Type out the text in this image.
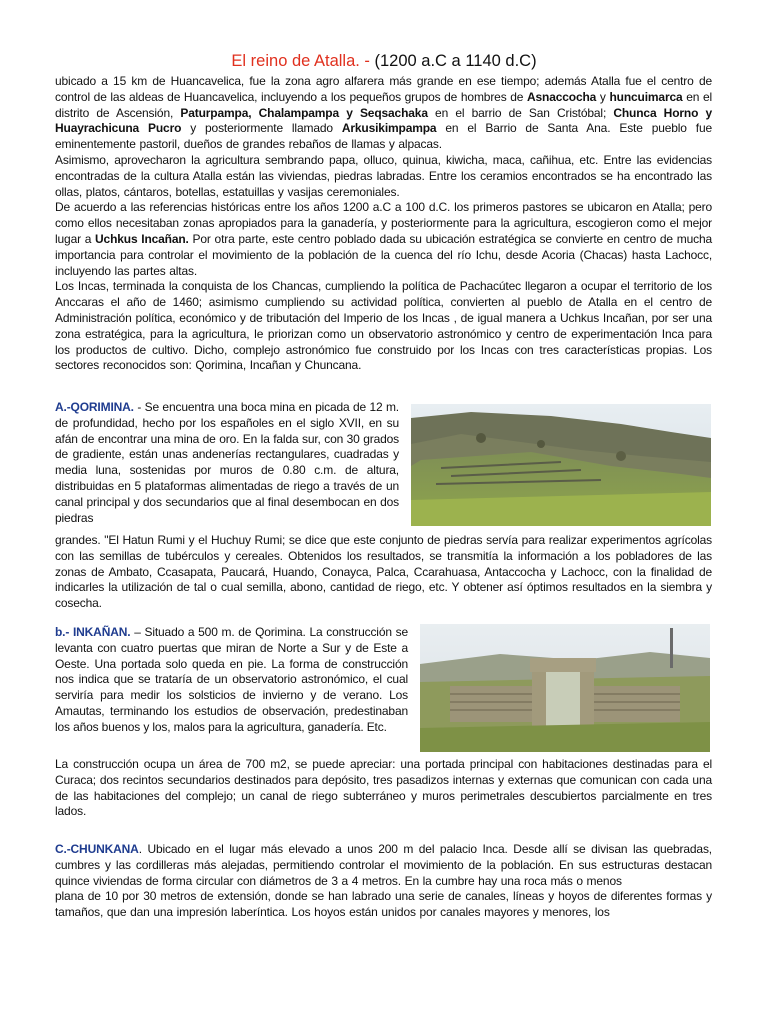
El reino de Atalla. - (1200 a.C a 1140 d.C)

ubicado a 15 km de Huancavelica, fue la zona agro alfarera más grande en ese tiempo; además Atalla fue el centro de control de las aldeas de Huancavelica, incluyendo a los pequeños grupos de hombres de Asnaccocha y huncuimarca en el distrito de Ascensión, Paturpampa, Chalampampa y Seqsachaka en el barrio de San Cristóbal; Chunca Horno y Huayrachicuna Pucro y posteriormente llamado Arkusikimpampa en el Barrio de Santa Ana. Este pueblo fue eminentemente pastoril, dueños de grandes rebaños de llamas y alpacas.

Asimismo, aprovecharon la agricultura sembrando papa, olluco, quinua, kiwicha, maca, cañihua, etc. Entre las evidencias encontradas de la cultura Atalla están las viviendas, piedras labradas. Entre los ceramios encontrados se ha encontrado las ollas, platos, cántaros, botellas, estatuillas y vasijas ceremoniales.

De acuerdo a las referencias históricas entre los años 1200 a.C a 100 d.C. los primeros pastores se ubicaron en Atalla; pero como ellos necesitaban zonas apropiados para la ganadería, y posteriormente para la agricultura, escogieron como el mejor lugar a Uchkus Incañan. Por otra parte, este centro poblado dada su ubicación estratégica se convierte en centro de mucha importancia para controlar el movimiento de la población de la cuenca del río Ichu, desde Acoria (Chacas) hasta Lachocc, incluyendo las partes altas.

Los Incas, terminada la conquista de los Chancas, cumpliendo la política de Pachacútec llegaron a ocupar el territorio de los Anccaras el año de 1460; asimismo cumpliendo su actividad política, convierten al pueblo de Atalla en el centro de Administración política, económico y de tributación del Imperio de los Incas , de igual manera a Uchkus Incañan, por ser una zona estratégica, para la agricultura, le priorizan como un observatorio astronómico y centro de experimentación Inca para los productos de cultivo. Dicho, complejo astronómico fue construido por los Incas con tres características propias. Los sectores reconocidos son: Qorimina, Incañan y Chuncana.

A.-QORIMINA. - Se encuentra una boca mina en picada de 12 m. de profundidad, hecho por los españoles en el siglo XVII, en su afán de encontrar una mina de oro. En la falda sur, con 30 grados de gradiente, están unas andenerías rectangulares, cuadradas y media luna, sostenidas por muros de 0.80 c.m. de altura, distribuidas en 5 plataformas alimentadas de riego a través de un canal principal y dos secundarios que al final desembocan en dos piedras
grandes. "El Hatun Rumi y el Huchuy Rumi; se dice que este conjunto de piedras servía para realizar experimentos agrícolas con las semillas de tubérculos y cereales. Obtenidos los resultados, se transmitía la información a los pobladores de las zonas de Ambato, Ccasapata, Paucará, Huando, Conayca, Palca, Ccarahuasa, Antaccocha y Lachocc, con la finalidad de indicarles la utilización de tal o cual semilla, abono, cantidad de riego, etc. Y obtener así óptimos resultados en la siembra y cosecha.
b.- INKAÑAN. – Situado a 500 m. de Qorimina. La construcción se levanta con cuatro puertas que miran de Norte a Sur y de Este a Oeste. Una portada solo queda en pie. La forma de construcción nos indica que se trataría de un observatorio astronómico, el cual serviría para medir los solsticios de invierno y de verano. Los Amautas, terminando los estudios de observación, predestinaban los años buenos y los, malos para la agricultura, ganadería. Etc.
La construcción ocupa un área de 700 m2, se puede apreciar: una portada principal con habitaciones destinadas para el Curaca; dos recintos secundarios destinados para depósito, tres pasadizos internas y externas que comunican con cada una de las habitaciones del complejo; un canal de riego subterráneo y muros perimetrales descubiertos parcialmente en tres lados.

C.-CHUNKANA. Ubicado en el lugar más elevado a unos 200 m del palacio Inca. Desde allí se divisan las quebradas, cumbres y las cordilleras más alejadas, permitiendo controlar el movimiento de la población. En sus estructuras destacan quince viviendas de forma circular con diámetros de 3 a 4 metros. En la cumbre hay una roca más o menos

plana de 10 por 30 metros de extensión, donde se han labrado una serie de canales, líneas y hoyos de diferentes formas y tamaños, que dan una impresión laberíntica. Los hoyos están unidos por canales mayores y menores, los
